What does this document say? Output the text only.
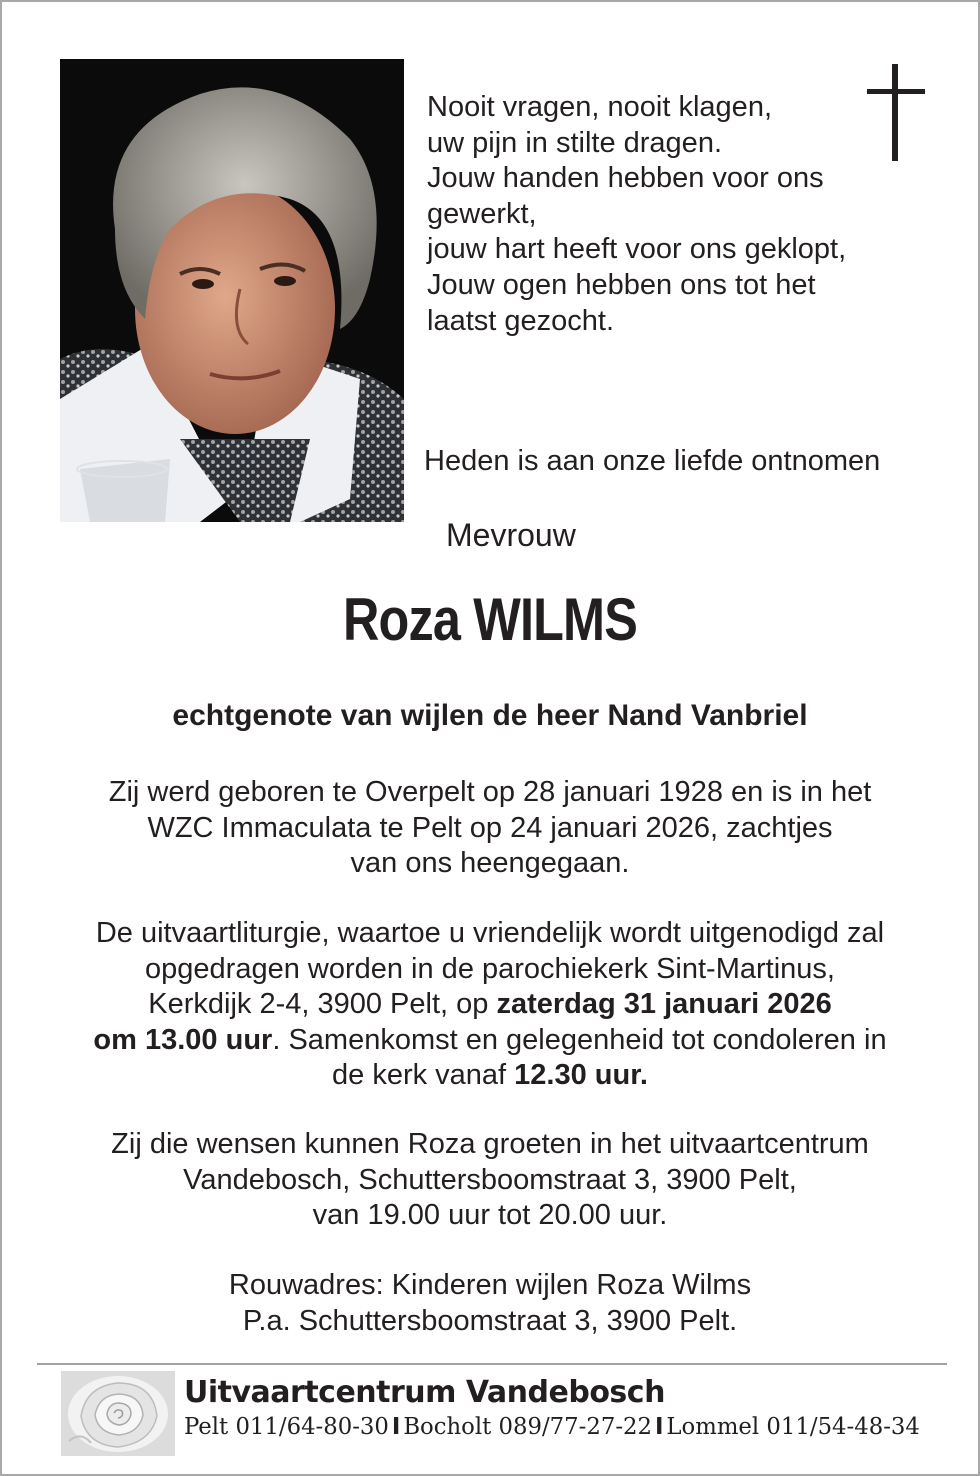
Nooit vragen, nooit klagen,
uw pijn in stilte dragen.
Jouw handen hebben voor ons
gewerkt,
jouw hart heeft voor ons geklopt,
Jouw ogen hebben ons tot het
laatst gezocht.
Heden is aan onze liefde ontnomen
Mevrouw
Roza WILMS
echtgenote van wijlen de heer Nand Vanbriel
Zij werd geboren te Overpelt op 28 januari 1928 en is in het
WZC Immaculata te Pelt op 24 januari 2026, zachtjes
van ons heengegaan.
De uitvaartliturgie, waartoe u vriendelijk wordt uitgenodigd zal
opgedragen worden in de parochiekerk Sint-Martinus,
Kerkdijk 2-4, 3900 Pelt, op zaterdag 31 januari 2026
om 13.00 uur. Samenkomst en gelegenheid tot condoleren in
de kerk vanaf 12.30 uur.
Zij die wensen kunnen Roza groeten in het uitvaartcentrum
Vandebosch, Schuttersboomstraat 3, 3900 Pelt,
van 19.00 uur tot 20.00 uur.
Rouwadres: Kinderen wijlen Roza Wilms
P.a. Schuttersboomstraat 3, 3900 Pelt.
Uitvaartcentrum Vandebosch
Pelt 011/64-80-30 I Bocholt 089/77-27-22 I Lommel 011/54-48-34
